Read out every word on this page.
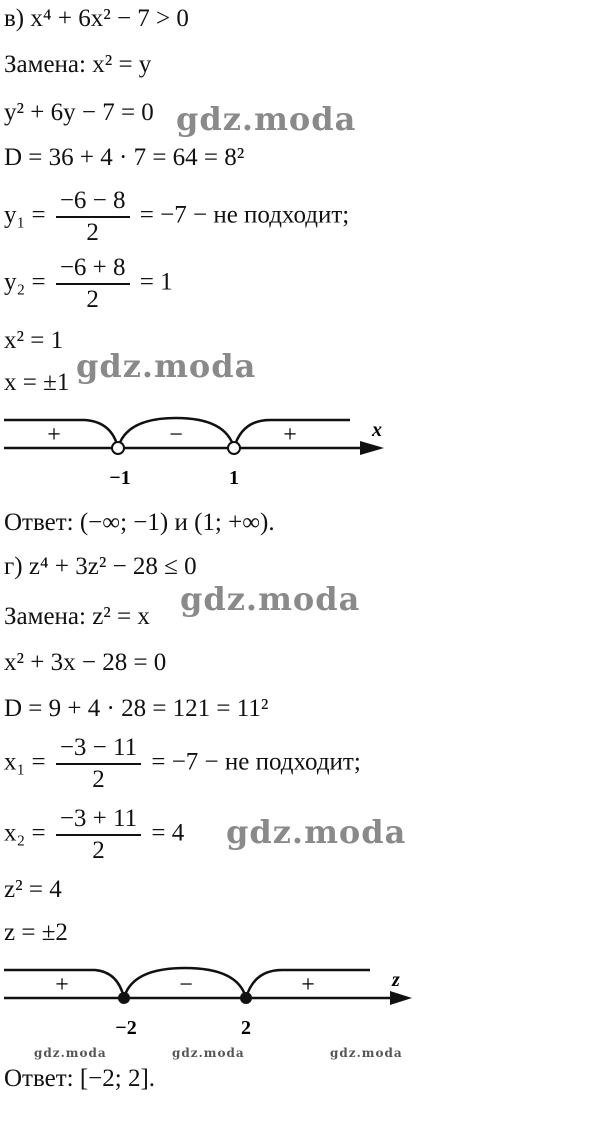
в) x⁴ + 6x² − 7 > 0
Замена: x² = y
y² + 6y − 7 = 0
D = 36 + 4 · 7 = 64 = 8²
$y_1 = \frac{-6 - 8}{2} = -7$ − не подходит;
$y_2 = \frac{-6 + 8}{2} = 1$
x² = 1
x = ±1
+	−	+	x
−1	1
Ответ: (−∞; −1) и (1; +∞).
г) z⁴ + 3z² − 28 ≤ 0
Замена: z² = x
x² + 3x − 28 = 0
D = 9 + 4 · 28 = 121 = 11²
$x_1 = \frac{-3 - 11}{2} = -7$ − не подходит;
$x_2 = \frac{-3 + 11}{2} = 4$
z² = 4
z = ±2
+	−	+	z
−2	2
Ответ: [−2; 2].
gdz.moda
gdz.moda
gdz.moda
gdz.moda
gdz.moda	gdz.moda	gdz.moda
